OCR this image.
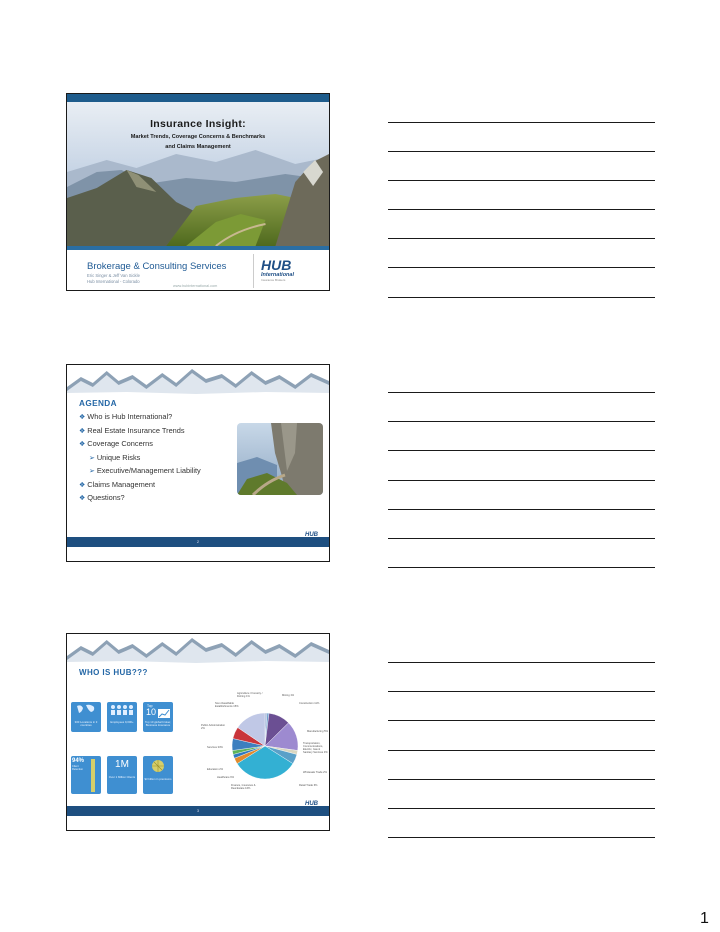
Insurance Insight:
Market Trends, Coverage Concerns & Benchmarks
and Claims Management
Brokerage & Consulting Services
Eric Singer & Jeff Van Sickle
Hub International - Colorado
www.hubinternational.com
HUB
International
Insurance Brokers
AGENDA
2
HUB
International
❖ Who is Hub International?
❖ Real Estate Insurance Trends
❖ Coverage Concerns
➢ Unique Risks
➢ Executive/Management Liability
❖ Claims Management
❖ Questions?
WHO IS HUB???
300 Locations in 3 countries
Employees 9,000+
Top
10
Top 10 global broker, Business Insurance
94%
Client Retention	1M
Over 1 Million Clients	$3 billion in premiums
3
HUB
International
Agriculture / Forestry / Fishing 1%	Mining 1%
Construction 11%
Non-Classifiable Establishments 15%
Public Administration 2%
Manufacturing 5%
Services 33%
Transportation, Communications, Electric, Gas & Sanitary Services 3%
Wholesale Trade 2%
Education 2%
Healthcare 6%
Retail Trade 6%
Finance, Insurance & Real Estate 16%
1
